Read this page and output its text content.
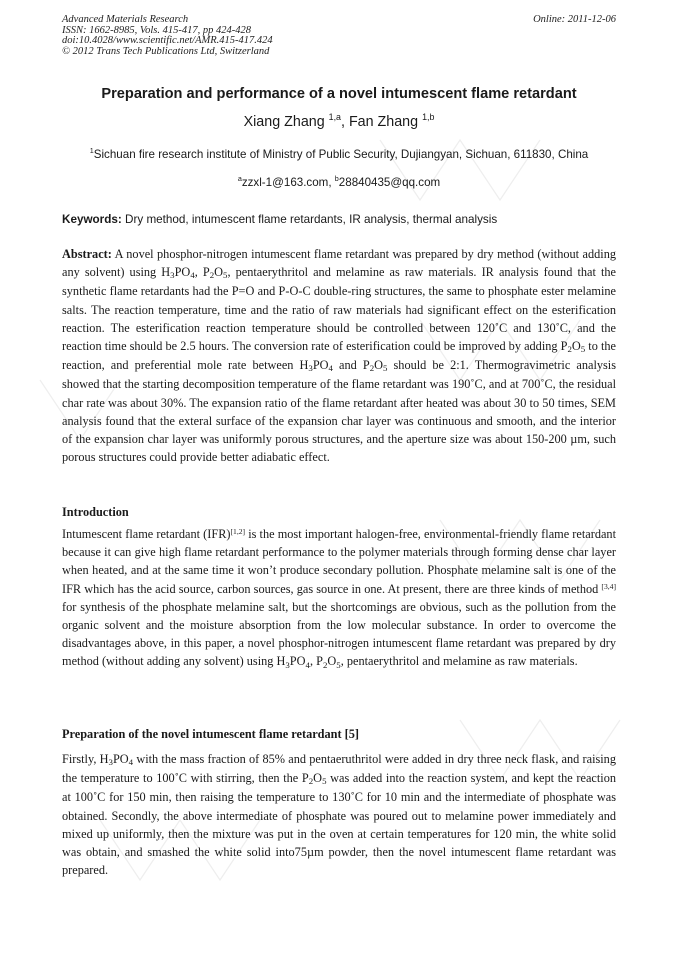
Advanced Materials Research
ISSN: 1662-8985, Vols. 415-417, pp 424-428
doi:10.4028/www.scientific.net/AMR.415-417.424
© 2012 Trans Tech Publications Ltd, Switzerland
Online: 2011-12-06
Preparation and performance of a novel intumescent flame retardant
Xiang Zhang $^{1,a}$, Fan Zhang $^{1,b}$
$^1$Sichuan fire research institute of Ministry of Public Security, Dujiangyan, Sichuan, 611830, China
$^a$zzxl-1@163.com, $^b$28840435@qq.com
Keywords: Dry method, intumescent flame retardants, IR analysis, thermal analysis
Abstract: A novel phosphor-nitrogen intumescent flame retardant was prepared by dry method (without adding any solvent) using H3PO4, P2O5, pentaerythritol and melamine as raw materials. IR analysis found that the synthetic flame retardants had the P=O and P-O-C double-ring structures, the same to phosphate ester melamine salts. The reaction temperature, time and the ratio of raw materials had significant effect on the esterification reaction. The esterification reaction temperature should be controlled between 120˚C and 130˚C, and the reaction time should be 2.5 hours. The conversion rate of esterification could be improved by adding P2O5 to the reaction, and preferential mole rate between H3PO4 and P2O5 should be 2:1. Thermogravimetric analysis showed that the starting decomposition temperature of the flame retardant was 190˚C, and at 700˚C, the residual char rate was about 30%. The expansion ratio of the flame retardant after heated was about 30 to 50 times, SEM analysis found that the exteral surface of the expansion char layer was continuous and smooth, and the interior of the expansion char layer was uniformly porous structures, and the aperture size was about 150-200 µm, such porous structures could provide better adiabatic effect.
Introduction
Intumescent flame retardant (IFR)[1,2] is the most important halogen-free, environmental-friendly flame retardant because it can give high flame retardant performance to the polymer materials through forming dense char layer when heated, and at the same time it won’t produce secondary pollution. Phosphate melamine salt is one of the IFR which has the acid source, carbon sources, gas source in one. At present, there are three kinds of method [3,4] for synthesis of the phosphate melamine salt, but the shortcomings are obvious, such as the pollution from the organic solvent and the moisture absorption from the low molecular substance. In order to overcome the disadvantages above, in this paper, a novel phosphor-nitrogen intumescent flame retardant was prepared by dry method (without adding any solvent) using H3PO4, P2O5, pentaerythritol and melamine as raw materials.
Preparation of the novel intumescent flame retardant [5]
Firstly, H3PO4 with the mass fraction of 85% and pentaeruthritol were added in dry three neck flask, and raising the temperature to 100˚C with stirring, then the P2O5 was added into the reaction system, and kept the reaction at 100˚C for 150 min, then raising the temperature to 130˚C for 10 min and the intermediate of phosphate was obtained. Secondly, the above intermediate of phosphate was poured out to melamine power immediately and mixed up uniformly, then the mixture was put in the oven at certain temperatures for 120 min, the white solid was obtain, and smashed the white solid into75µm powder, then the novel intumescent flame retardant was prepared.
